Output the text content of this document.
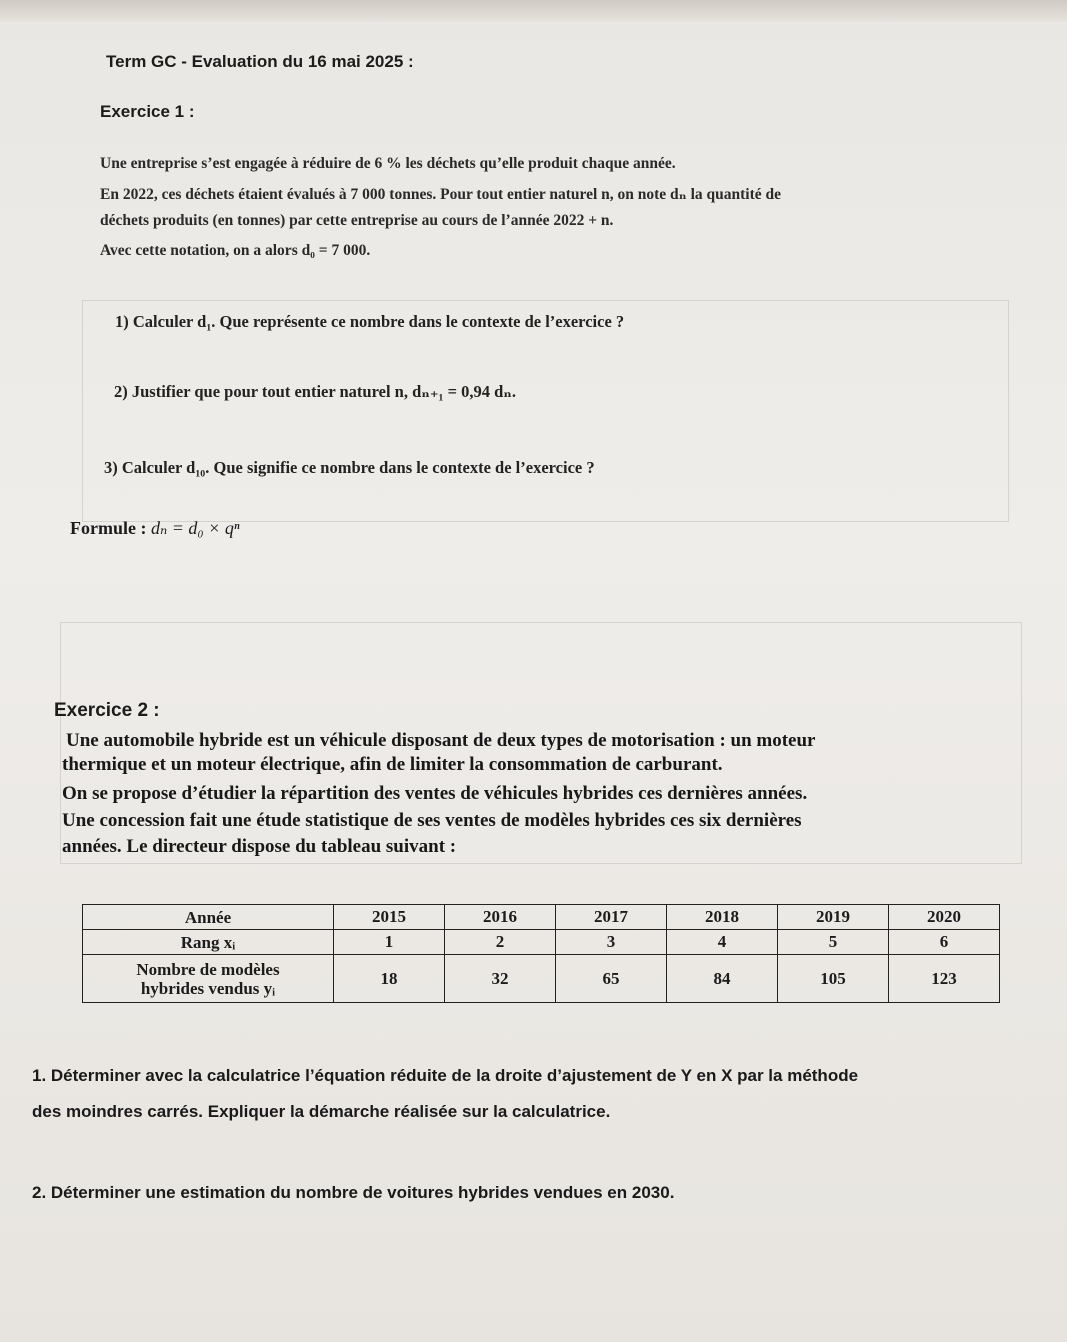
Term GC - Evaluation du 16 mai 2025 :
Exercice 1 :
Une entreprise s’est engagée à réduire de 6 % les déchets qu’elle produit chaque année.
En 2022, ces déchets étaient évalués à 7 000 tonnes. Pour tout entier naturel n, on note dₙ la quantité de
déchets produits (en tonnes) par cette entreprise au cours de l’année 2022 + n.
Avec cette notation, on a alors d₀ = 7 000.
1) Calculer d₁. Que représente ce nombre dans le contexte de l’exercice ?
2) Justifier que pour tout entier naturel n, dₙ₊₁ = 0,94 dₙ.
3) Calculer d₁₀. Que signifie ce nombre dans le contexte de l’exercice ?
Formule : dₙ = d₀ × qⁿ
Exercice 2 :
Une automobile hybride est un véhicule disposant de deux types de motorisation : un moteur
thermique et un moteur électrique, afin de limiter la consommation de carburant.
On se propose d’étudier la répartition des ventes de véhicules hybrides ces dernières années.
Une concession fait une étude statistique de ses ventes de modèles hybrides ces six dernières
années. Le directeur dispose du tableau suivant :
Année	2015	2016	2017	2018	2019	2020
Rang xᵢ	1	2	3	4	5	6

Nombre de modèles
hybrides vendus yᵢ	18	32	65	84	105	123
1. Déterminer avec la calculatrice l’équation réduite de la droite d’ajustement de Y en X par la méthode
des moindres carrés. Expliquer la démarche réalisée sur la calculatrice.
2. Déterminer une estimation du nombre de voitures hybrides vendues en 2030.
